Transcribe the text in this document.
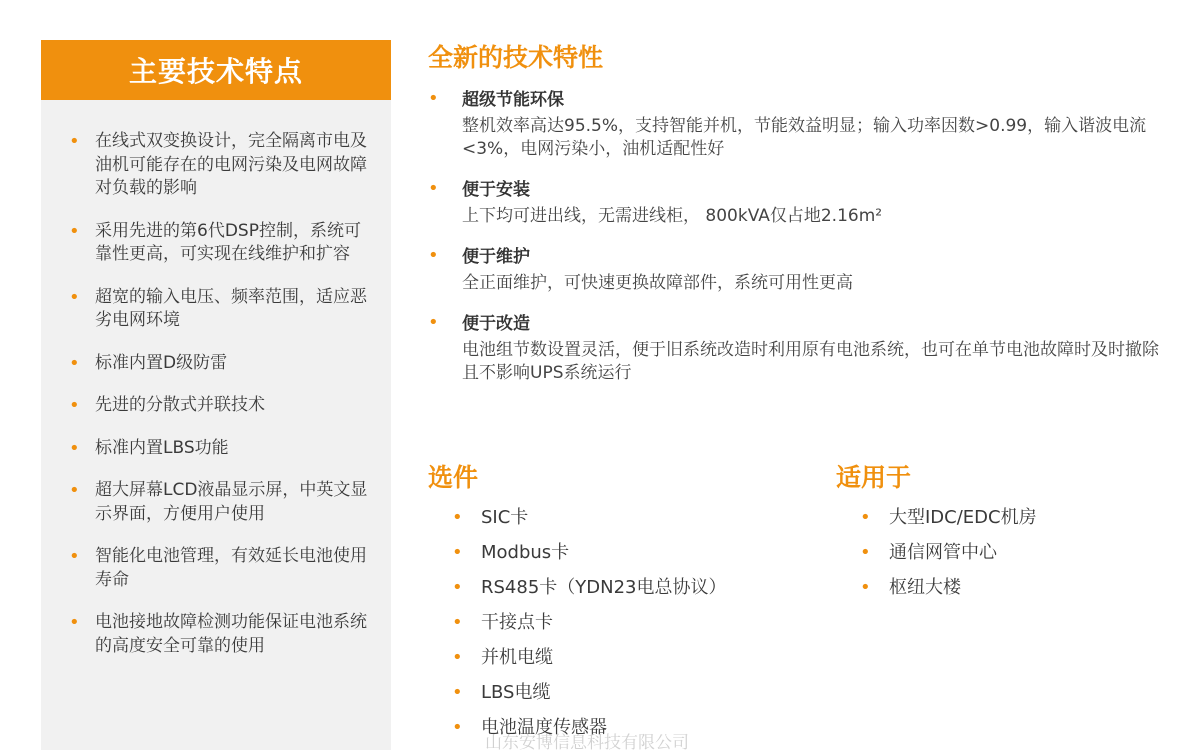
主要技术特点
• 在线式双变换设计，完全隔离市电及油机可能存在的电网污染及电网故障对负载的影响
• 采用先进的第6代DSP控制，系统可靠性更高，可实现在线维护和扩容
• 超宽的输入电压、频率范围，适应恶劣电网环境
• 标准内置D级防雷
• 先进的分散式并联技术
• 标准内置LBS功能
• 超大屏幕LCD液晶显示屏，中英文显示界面，方便用户使用
• 智能化电池管理，有效延长电池使用寿命
• 电池接地故障检测功能保证电池系统的高度安全可靠的使用
全新的技术特性
• 超级节能环保
整机效率高达95.5%，支持智能并机，节能效益明显；输入功率因数>0.99，输入谐波电流<3%，电网污染小，油机适配性好
• 便于安装
上下均可进出线，无需进线柜， 800kVA仅占地2.16m²
• 便于维护
全正面维护，可快速更换故障部件，系统可用性更高
• 便于改造
电池组节数设置灵活，便于旧系统改造时利用原有电池系统，也可在单节电池故障时及时撤除且不影响UPS系统运行
选件
• SIC卡
• Modbus卡
• RS485卡（YDN23电总协议）
• 干接点卡
• 并机电缆
• LBS电缆
• 电池温度传感器
适用于
• 大型IDC/EDC机房
• 通信网管中心
• 枢纽大楼
山东安博信息科技有限公司
